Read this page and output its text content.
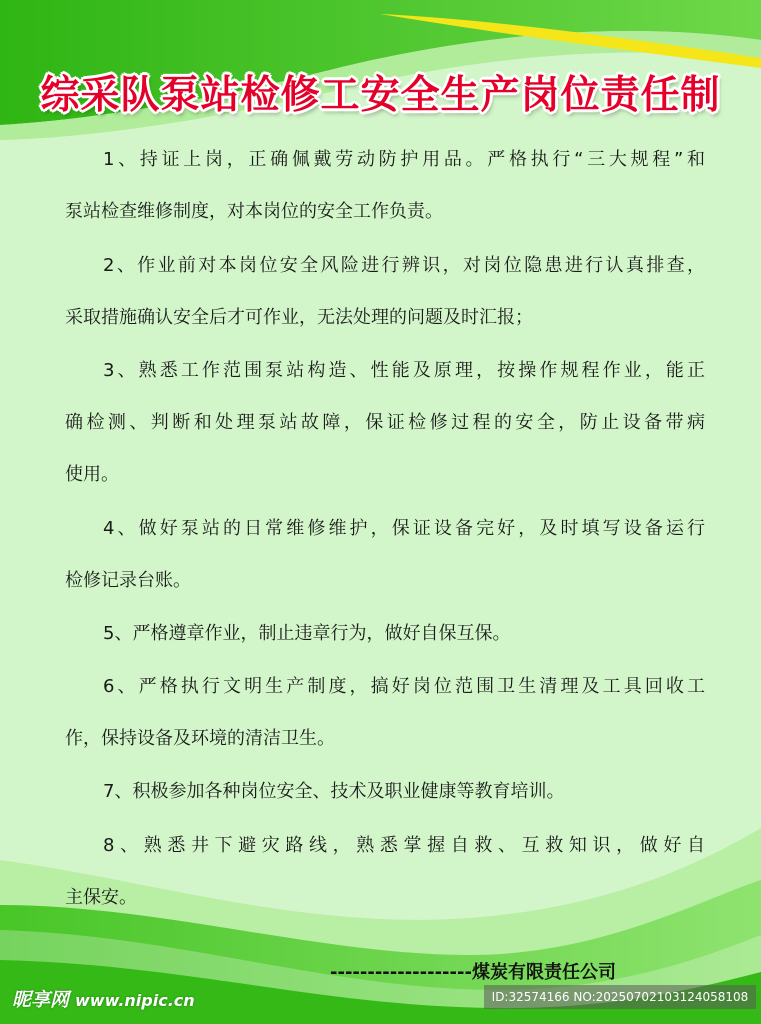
综采队泵站检修工安全生产岗位责任制
1、持证上岗，正确佩戴劳动防护用品。严格执行“三大规程”和
泵站检查维修制度，对本岗位的安全工作负责。
2、作业前对本岗位安全风险进行辨识，对岗位隐患进行认真排查，
采取措施确认安全后才可作业，无法处理的问题及时汇报；
3、熟悉工作范围泵站构造、性能及原理，按操作规程作业，能正
确检测、判断和处理泵站故障，保证检修过程的安全，防止设备带病
使用。
4、做好泵站的日常维修维护，保证设备完好，及时填写设备运行
检修记录台账。
5、严格遵章作业，制止违章行为，做好自保互保。
6、严格执行文明生产制度，搞好岗位范围卫生清理及工具回收工
作，保持设备及环境的清洁卫生。
7、积极参加各种岗位安全、技术及职业健康等教育培训。
8、熟悉井下避灾路线，熟悉掌握自救、互救知识，做好自
主保安。
-------------------煤炭有限责任公司
昵享网 www.nipic.cn	ID:32574166 NO:20250702103124058108
